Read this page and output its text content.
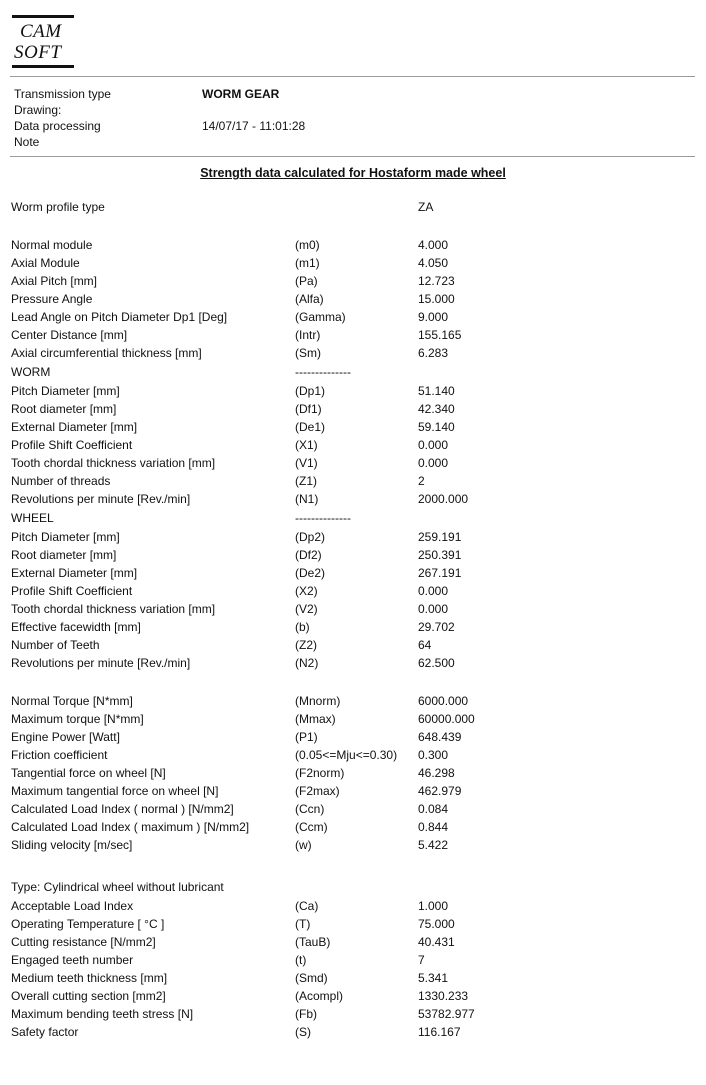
CAM
SOFT
Transmission type	WORM GEAR
Drawing:
Data processing	14/07/17 - 11:01:28
Note
Strength data calculated for Hostaform made wheel
Worm profile type	ZA
Normal module	(m0)	4.000
Axial Module	(m1)	4.050
Axial Pitch [mm]	(Pa)	12.723
Pressure Angle	(Alfa)	15.000
Lead Angle on Pitch Diameter Dp1 [Deg]	(Gamma)	9.000
Center Distance [mm]	(Intr)	155.165
Axial circumferential thickness [mm]	(Sm)	6.283
WORM	--------------
Pitch Diameter [mm]	(Dp1)	51.140
Root diameter [mm]	(Df1)	42.340
External Diameter [mm]	(De1)	59.140
Profile Shift Coefficient	(X1)	0.000
Tooth chordal thickness variation [mm]	(V1)	0.000
Number of threads	(Z1)	2
Revolutions per minute [Rev./min]	(N1)	2000.000
WHEEL	--------------
Pitch Diameter [mm]	(Dp2)	259.191
Root diameter [mm]	(Df2)	250.391
External Diameter [mm]	(De2)	267.191
Profile Shift Coefficient	(X2)	0.000
Tooth chordal thickness variation [mm]	(V2)	0.000
Effective facewidth [mm]	(b)	29.702
Number of Teeth	(Z2)	64
Revolutions per minute [Rev./min]	(N2)	62.500
Normal Torque [N*mm]	(Mnorm)	6000.000
Maximum torque [N*mm]	(Mmax)	60000.000
Engine Power [Watt]	(P1)	648.439
Friction coefficient	(0.05<=Mju<=0.30) 0.300
Tangential force on wheel [N]	(F2norm)	46.298
Maximum tangential force on wheel [N]	(F2max)	462.979
Calculated Load Index ( normal ) [N/mm2]	(Ccn)	0.084
Calculated Load Index ( maximum ) [N/mm2]	(Ccm)	0.844
Sliding velocity [m/sec]	(w)	5.422
Type: Cylindrical wheel without lubricant
Acceptable Load Index	(Ca)	1.000
Operating Temperature [ °C ]	(T)	75.000
Cutting resistance [N/mm2]	(TauB)	40.431
Engaged teeth number	(t)	7
Medium teeth thickness [mm]	(Smd)	5.341
Overall cutting section [mm2]	(Acompl)	1330.233
Maximum bending teeth stress [N]	(Fb)	53782.977
Safety factor	(S)	116.167
